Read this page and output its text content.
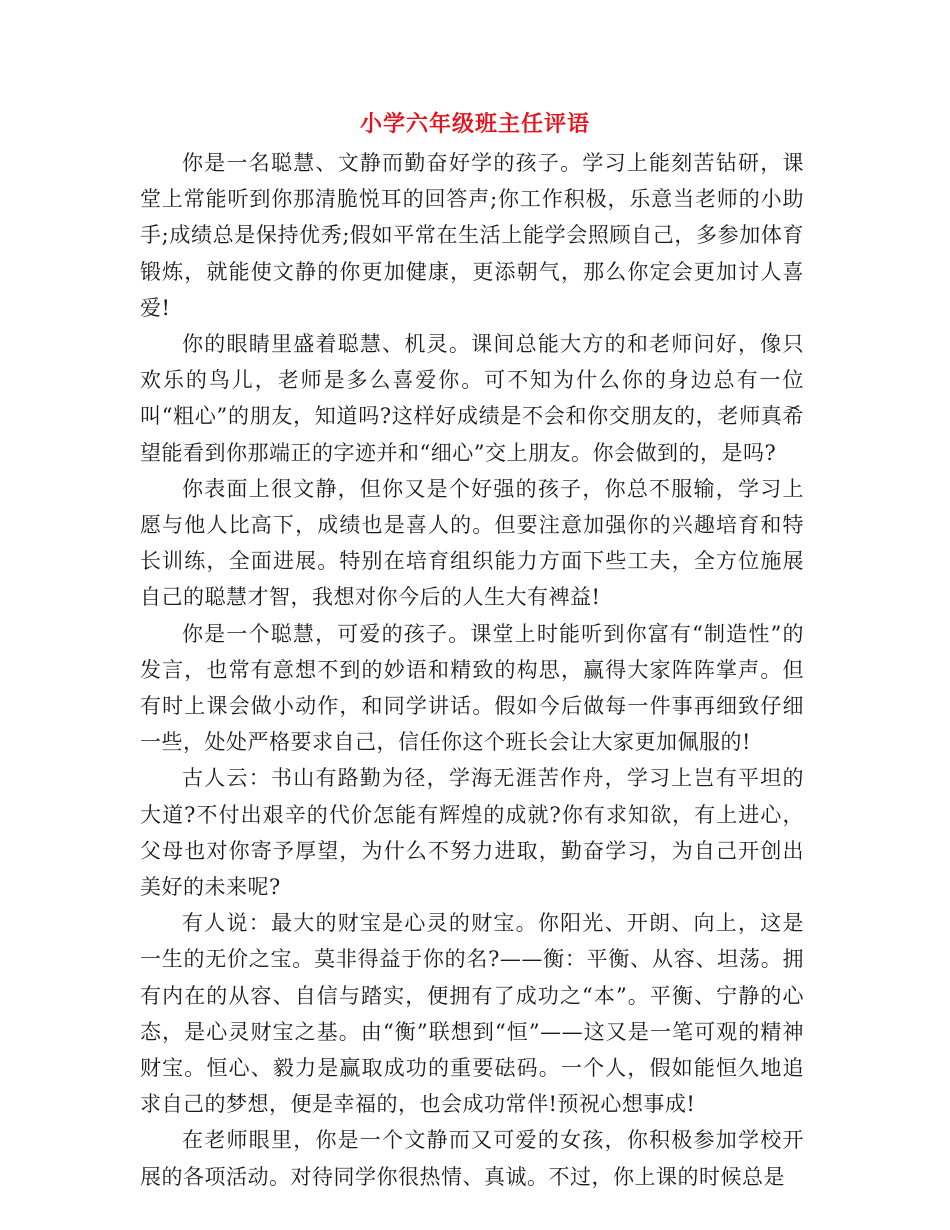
小学六年级班主任评语

你是一名聪慧、文静而勤奋好学的孩子。学习上能刻苦钻研，课堂上常能听到你那清脆悦耳的回答声;你工作积极，乐意当老师的小助手;成绩总是保持优秀;假如平常在生活上能学会照顾自己，多参加体育锻炼，就能使文静的你更加健康，更添朝气，那么你定会更加讨人喜爱!

你的眼睛里盛着聪慧、机灵。课间总能大方的和老师问好，像只欢乐的鸟儿，老师是多么喜爱你。可不知为什么你的身边总有一位叫“粗心”的朋友，知道吗?这样好成绩是不会和你交朋友的，老师真希望能看到你那端正的字迹并和“细心”交上朋友。你会做到的，是吗?

你表面上很文静，但你又是个好强的孩子，你总不服输，学习上愿与他人比高下，成绩也是喜人的。但要注意加强你的兴趣培育和特长训练，全面进展。特别在培育组织能力方面下些工夫，全方位施展自己的聪慧才智，我想对你今后的人生大有裨益!

你是一个聪慧，可爱的孩子。课堂上时能听到你富有“制造性”的发言，也常有意想不到的妙语和精致的构思，赢得大家阵阵掌声。但有时上课会做小动作，和同学讲话。假如今后做每一件事再细致仔细一些，处处严格要求自己，信任你这个班长会让大家更加佩服的!

古人云：书山有路勤为径，学海无涯苦作舟，学习上岂有平坦的大道?不付出艰辛的代价怎能有辉煌的成就?你有求知欲，有上进心，父母也对你寄予厚望，为什么不努力进取，勤奋学习，为自己开创出美好的未来呢?

有人说：最大的财宝是心灵的财宝。你阳光、开朗、向上，这是一生的无价之宝。莫非得益于你的名?——衡：平衡、从容、坦荡。拥有内在的从容、自信与踏实，便拥有了成功之“本”。平衡、宁静的心态，是心灵财宝之基。由“衡”联想到“恒”——这又是一笔可观的精神财宝。恒心、毅力是赢取成功的重要砝码。一个人，假如能恒久地追求自己的梦想，便是幸福的，也会成功常伴!预祝心想事成!

在老师眼里，你是一个文静而又可爱的女孩，你积极参加学校开展的各项活动。对待同学你很热情、真诚。不过，你上课的时候总是
